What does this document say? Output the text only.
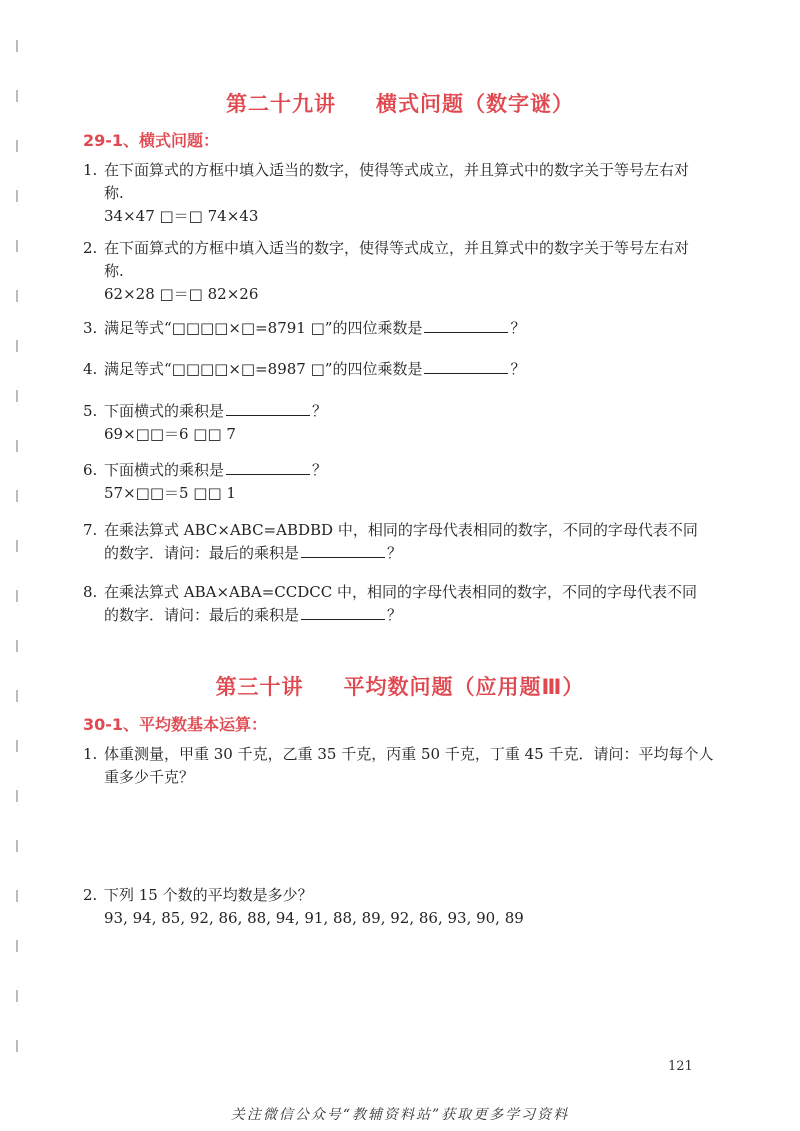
第二十九讲 横式问题（数字谜）
29-1、横式问题：
1. 在下面算式的方框中填入适当的数字，使得等式成立，并且算式中的数字关于等号左右对
称.
34×47 □＝□ 74×43
2. 在下面算式的方框中填入适当的数字，使得等式成立，并且算式中的数字关于等号左右对
称.
62×28 □＝□ 82×26
3. 满足等式“□□□□×□=8791 □”的四位乘数是	？
4. 满足等式“□□□□×□=8987 □”的四位乘数是	？
5. 下面横式的乘积是	？
69×□□＝6 □□ 7
6. 下面横式的乘积是	？
57×□□＝5 □□ 1
7. 在乘法算式 ABC×ABC=ABDBD 中，相同的字母代表相同的数字，不同的字母代表不同
的数字．请问：最后的乘积是	？
8. 在乘法算式 ABA×ABA=CCDCC 中，相同的字母代表相同的数字，不同的字母代表不同
的数字．请问：最后的乘积是	？
第三十讲 平均数问题（应用题Ⅲ）
30-1、平均数基本运算：
1. 体重测量，甲重 30 千克，乙重 35 千克，丙重 50 千克，丁重 45 千克．请问：平均每个人
重多少千克？
2. 下列 15 个数的平均数是多少？
93, 94, 85, 92, 86, 88, 94, 91, 88, 89, 92, 86, 93, 90, 89
121
关注微信公众号“教辅资料站”获取更多学习资料
